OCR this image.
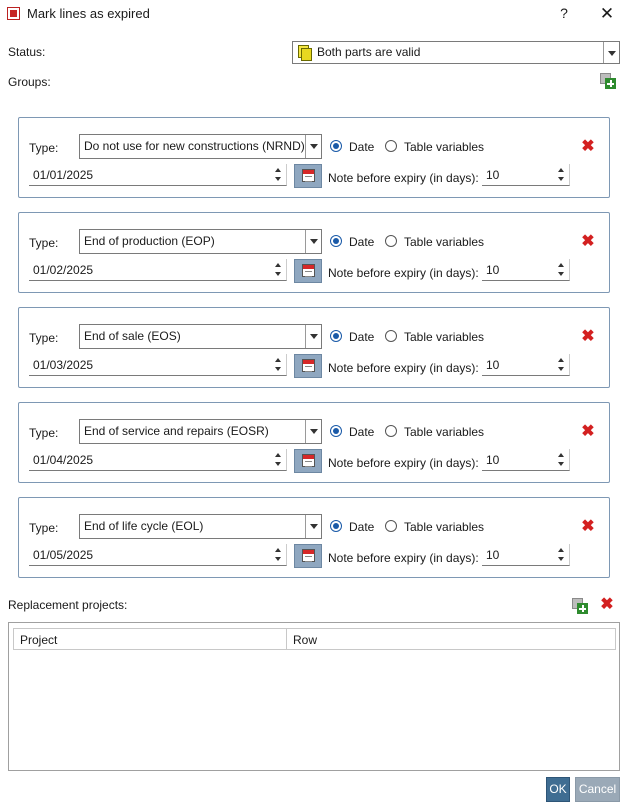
Mark lines as expired	? ✕
Status:	Both parts are valid
Groups:
Type: Do not use for new constructions (NRND)	Date Table variables	✖
01/01/2025	Note before expiry (in days): 10
Type: End of production (EOP)	Date Table variables	✖
01/02/2025	Note before expiry (in days): 10
Type: End of sale (EOS)	Date Table variables	✖
01/03/2025	Note before expiry (in days): 10
Type: End of service and repairs (EOSR)	Date Table variables	✖
01/04/2025	Note before expiry (in days): 10
Type: End of life cycle (EOL)	Date Table variables	✖
01/05/2025	Note before expiry (in days): 10
Replacement projects:	✖
Project	Row
OK	Cancel
